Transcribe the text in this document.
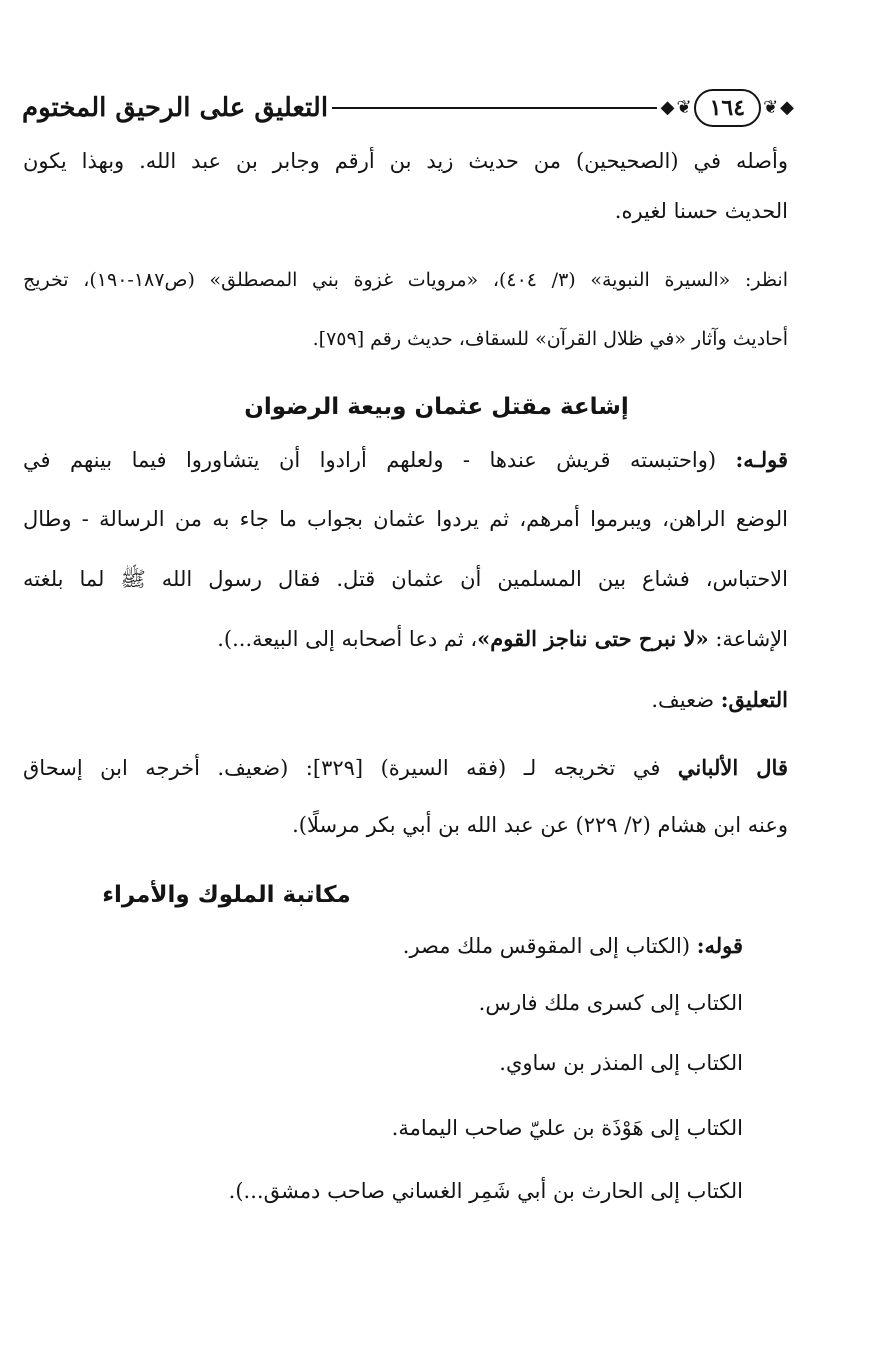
◆
❦
١٦٤
❦
◆
التعليق على الرحيق المختوم
وأصله في (الصحيحين) من حديث زيد بن أرقم وجابر بن عبد الله. وبهذا يكون
الحديث حسنا لغيره.
انظر: «السيرة النبوية» (٣/ ٤٠٤)، «مرويات غزوة بني المصطلق» (ص١٨٧-١٩٠)، تخريج
أحاديث وآثار «في ظلال القرآن» للسقاف، حديث رقم [٧٥٩].
إشاعة مقتل عثمان وبيعة الرضوان
قولـه: (واحتبسته قريش عندها - ولعلهم أرادوا أن يتشاوروا فيما بينهم في
الوضع الراهن، ويبرموا أمرهم، ثم يردوا عثمان بجواب ما جاء به من الرسالة - وطال
الاحتباس، فشاع بين المسلمين أن عثمان قتل. فقال رسول الله ﷺ لما بلغته
الإشاعة: «لا نبرح حتى نناجز القوم»، ثم دعا أصحابه إلى البيعة...).
التعليق: ضعيف.
قال الألباني في تخريجه لـ (فقه السيرة) [٣٢٩]: (ضعيف. أخرجه ابن إسحاق
وعنه ابن هشام (٢/ ٢٢٩) عن عبد الله بن أبي بكر مرسلًا).
مكاتبة الملوك والأمراء
قوله: (الكتاب إلى المقوقس ملك مصر.
الكتاب إلى كسرى ملك فارس.
الكتاب إلى المنذر بن ساوي.
الكتاب إلى هَوْذَة بن عليّ صاحب اليمامة.
الكتاب إلى الحارث بن أبي شَمِر الغساني صاحب دمشق...).
